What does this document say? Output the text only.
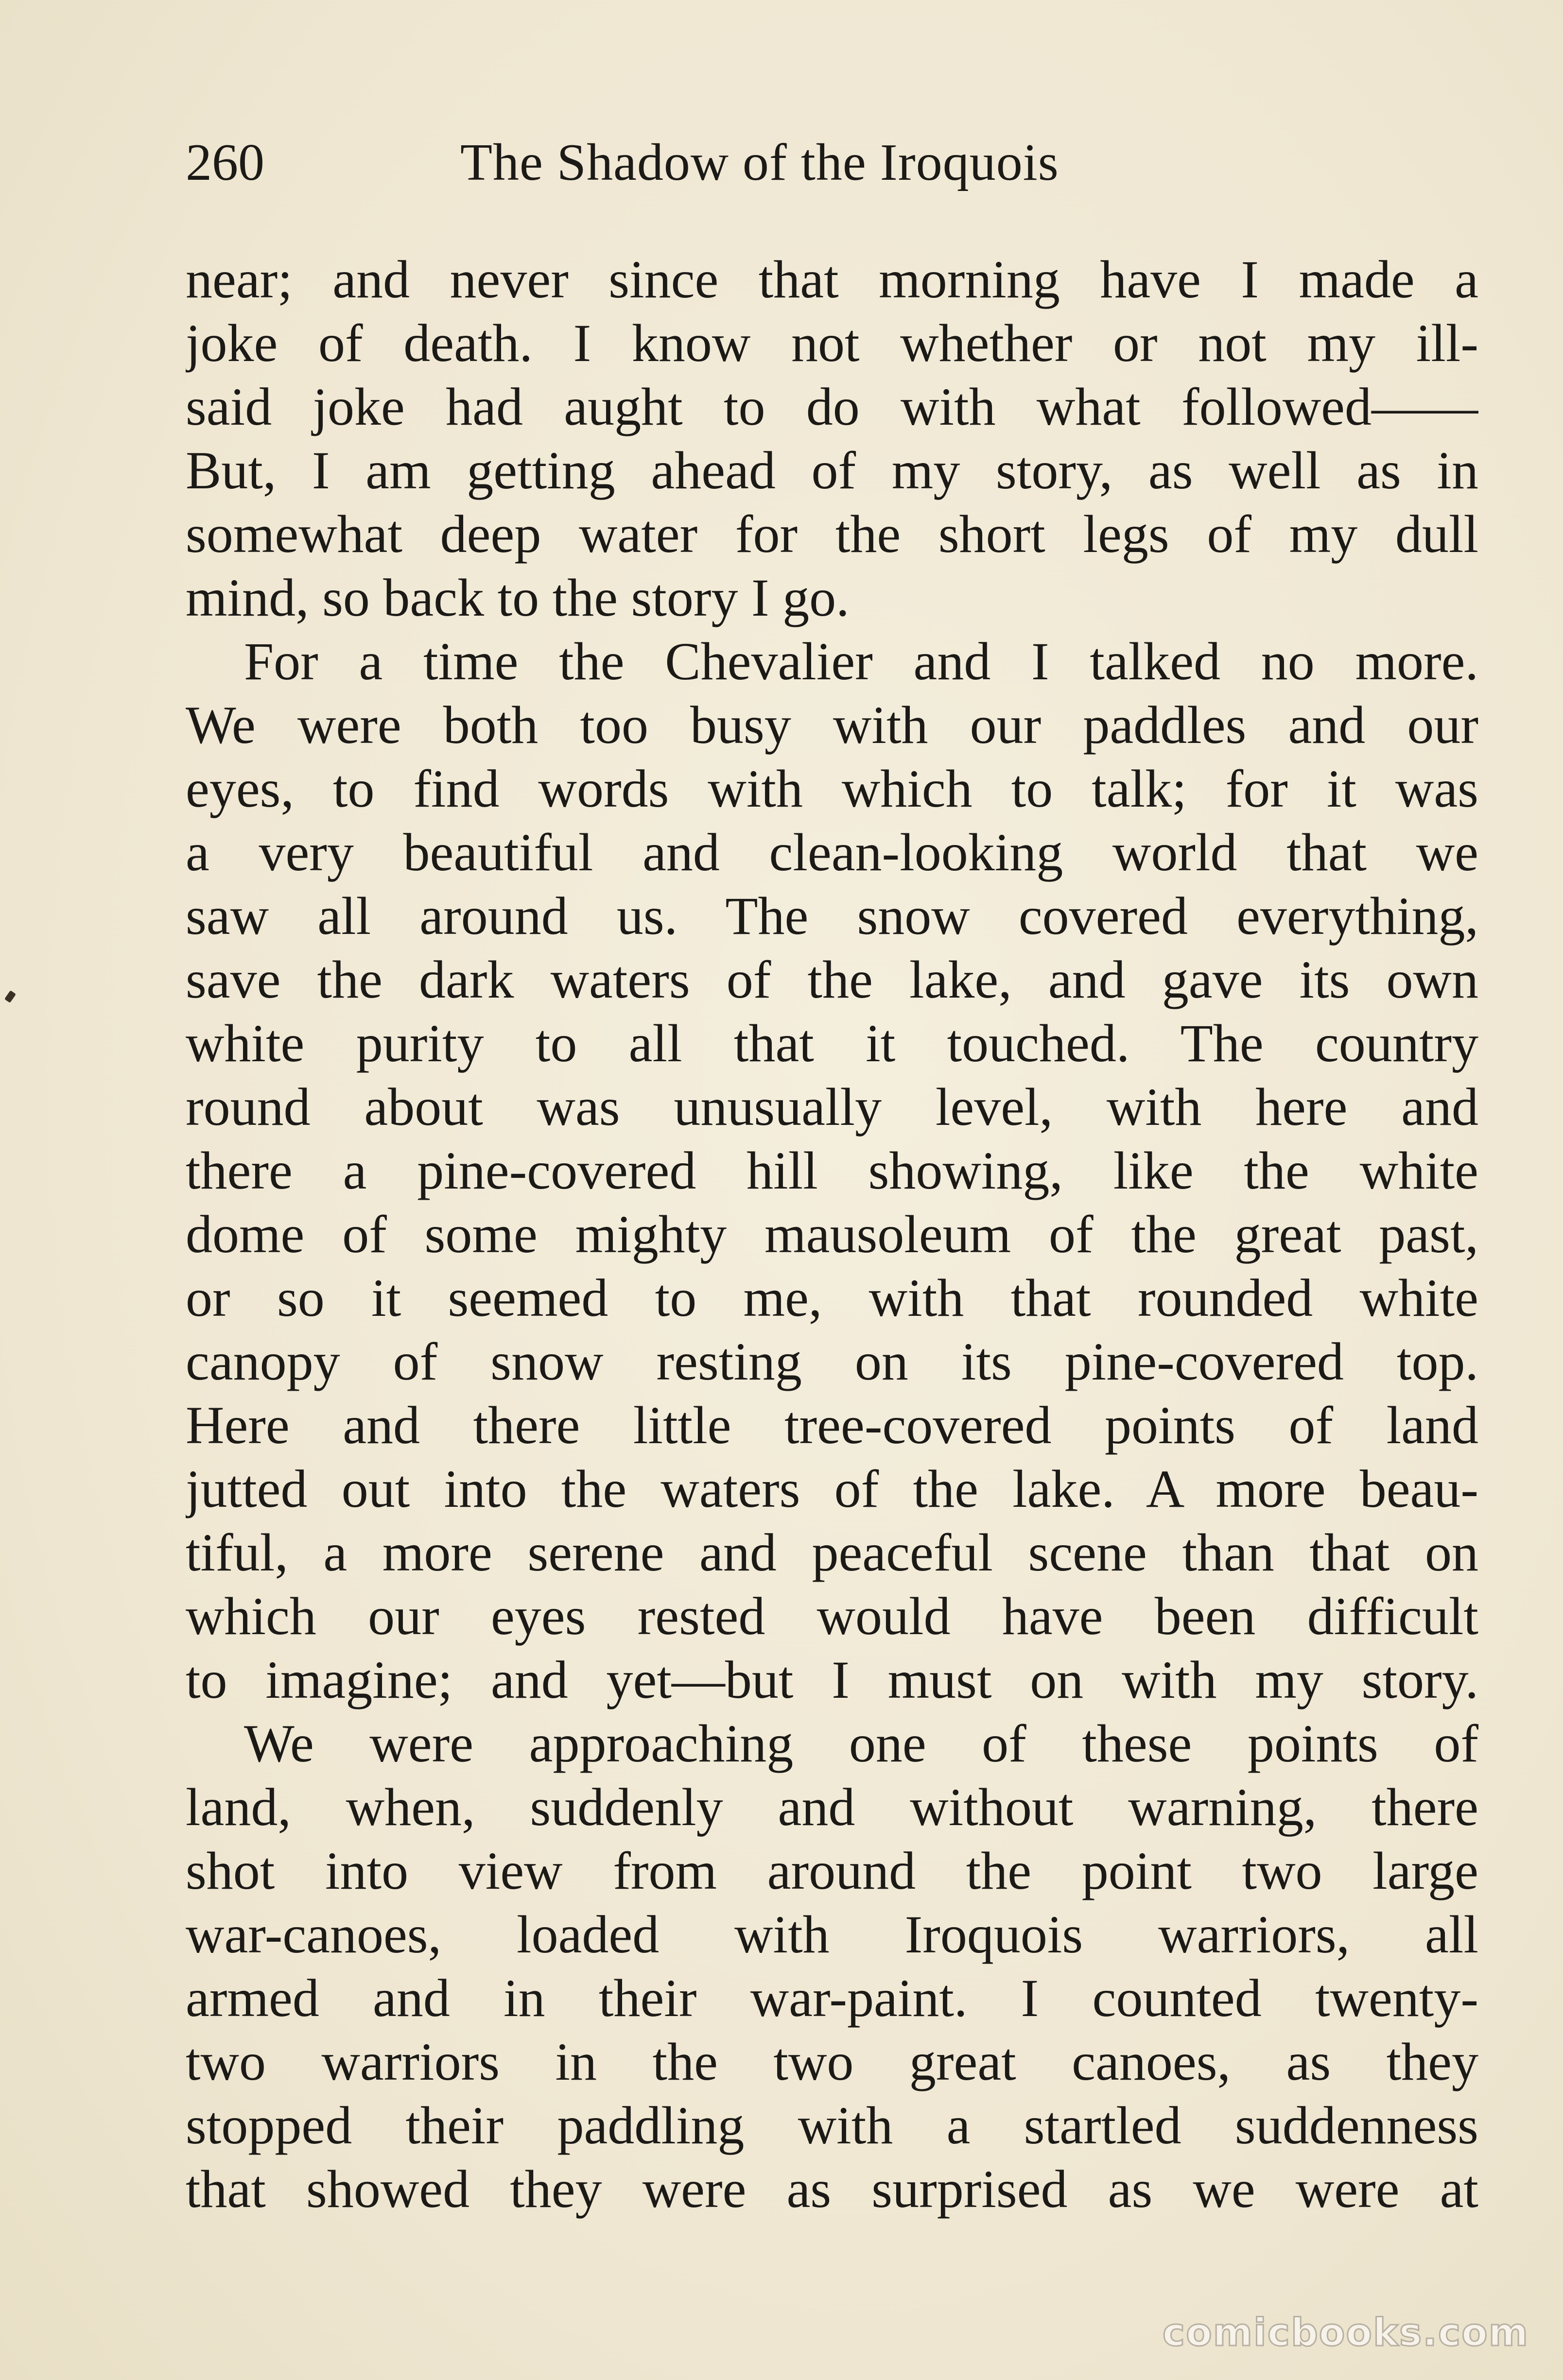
260	The Shadow of the Iroquois
near; and never since that morning have I made a
joke of death. I know not whether or not my ill-
said joke had aught to do with what followed——
But, I am getting ahead of my story, as well as in
somewhat deep water for the short legs of my dull
mind, so back to the story I go.
For a time the Chevalier and I talked no more.
We were both too busy with our paddles and our
eyes, to find words with which to talk; for it was
a very beautiful and clean-looking world that we
saw all around us. The snow covered everything,
save the dark waters of the lake, and gave its own
white purity to all that it touched. The country
round about was unusually level, with here and
there a pine-covered hill showing, like the white
dome of some mighty mausoleum of the great past,
or so it seemed to me, with that rounded white
canopy of snow resting on its pine-covered top.
Here and there little tree-covered points of land
jutted out into the waters of the lake. A more beau-
tiful, a more serene and peaceful scene than that on
which our eyes rested would have been difficult
to imagine; and yet—but I must on with my story.
We were approaching one of these points of
land, when, suddenly and without warning, there
shot into view from around the point two large
war-canoes, loaded with Iroquois warriors, all
armed and in their war-paint. I counted twenty-
two warriors in the two great canoes, as they
stopped their paddling with a startled suddenness
that showed they were as surprised as we were at
comicbooks.com
